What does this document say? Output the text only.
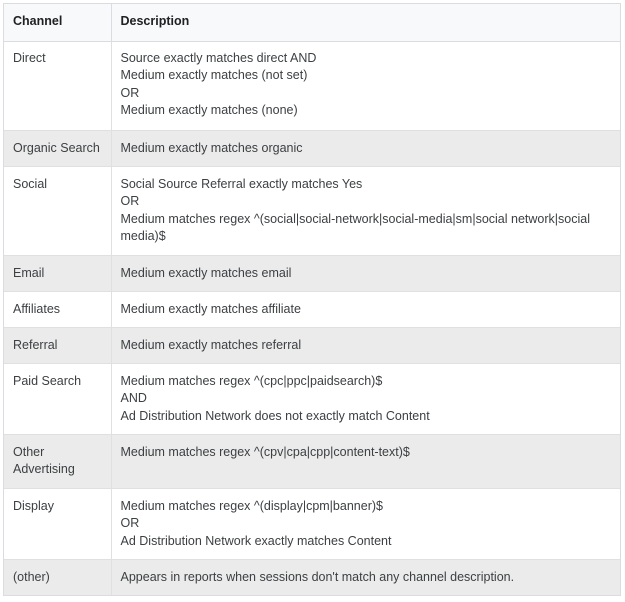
Channel	Description
Direct	Source exactly matches direct AND
Medium exactly matches (not set)
OR
Medium exactly matches (none)

Organic Search	Medium exactly matches organic

Social	Social Source Referral exactly matches Yes
OR
Medium matches regex ^(social|social-network|social-media|sm|social network|social media)$

Email	Medium exactly matches email

Affiliates	Medium exactly matches affiliate

Referral	Medium exactly matches referral

Paid Search	Medium matches regex ^(cpc|ppc|paidsearch)$
AND
Ad Distribution Network does not exactly match Content

Other Advertising	Medium matches regex ^(cpv|cpa|cpp|content-text)$

Display	Medium matches regex ^(display|cpm|banner)$
OR
Ad Distribution Network exactly matches Content

(other)	Appears in reports when sessions don't match any channel description.
